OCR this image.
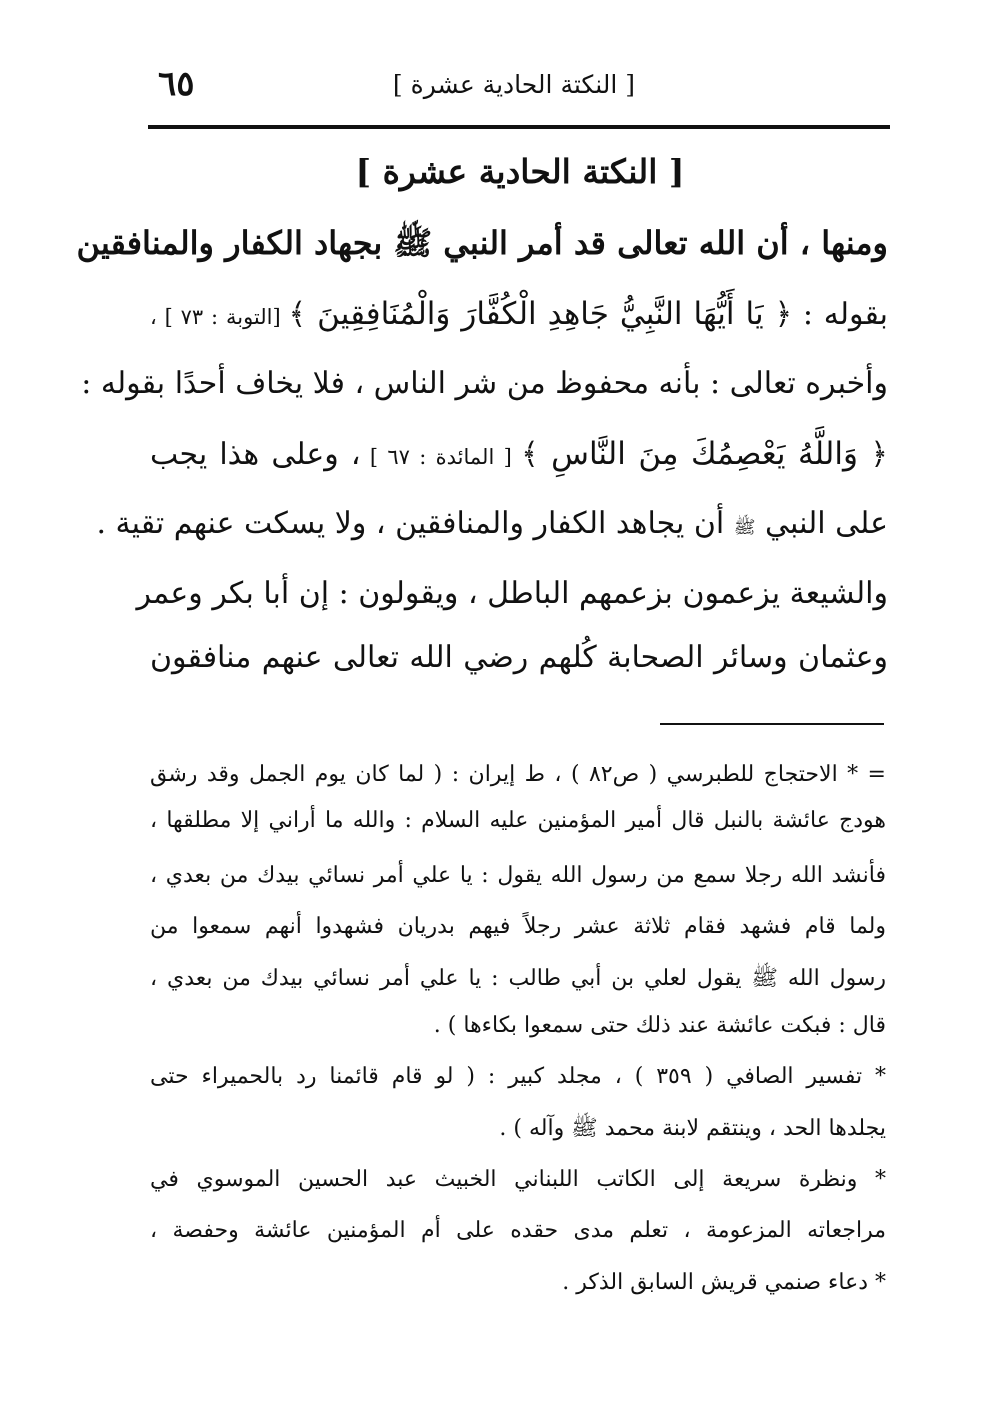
[ النكتة الحادية عشرة ]
٦٥
[ النكتة الحادية عشرة ]
ومنها ، أن الله تعالى قد أمر النبي ﷺ بجهاد الكفار والمنافقين
بقوله : ﴿ يَا أَيُّهَا النَّبِيُّ جَاهِدِ الْكُفَّارَ وَالْمُنَافِقِينَ ﴾ [التوبة : ٧٣ ] ،
وأخبره تعالى : بأنه محفوظ من شر الناس ، فلا يخاف أحدًا بقوله :
﴿ وَاللَّهُ يَعْصِمُكَ مِنَ النَّاسِ ﴾ [ المائدة : ٦٧ ] ، وعلى هذا يجب
على النبي ﷺ أن يجاهد الكفار والمنافقين ، ولا يسكت عنهم تقية .
والشيعة يزعمون بزعمهم الباطل ، ويقولون : إن أبا بكر وعمر
وعثمان وسائر الصحابة كُلهم رضي الله تعالى عنهم منافقون
= * الاحتجاج للطبرسي ( ص٨٢ ) ، ط إيران : ( لما كان يوم الجمل وقد رشق
هودج عائشة بالنبل قال أمير المؤمنين عليه السلام : والله ما أراني إلا مطلقها ،
فأنشد الله رجلا سمع من رسول الله يقول : يا علي أمر نسائي بيدك من بعدي ،
ولما قام فشهد فقام ثلاثة عشر رجلاً فيهم بدريان فشهدوا أنهم سمعوا من
رسول الله ﷺ يقول لعلي بن أبي طالب : يا علي أمر نسائي بيدك من بعدي ،
قال : فبكت عائشة عند ذلك حتى سمعوا بكاءها ) .
* تفسير الصافي ( ٣٥٩ ) ، مجلد كبير : ( لو قام قائمنا رد بالحميراء حتى
يجلدها الحد ، وينتقم لابنة محمد ﷺ وآله ) .
* ونظرة سريعة إلى الكاتب اللبناني الخبيث عبد الحسين الموسوي في
مراجعاته المزعومة ، تعلم مدى حقده على أم المؤمنين عائشة وحفصة ،
* دعاء صنمي قريش السابق الذكر .
